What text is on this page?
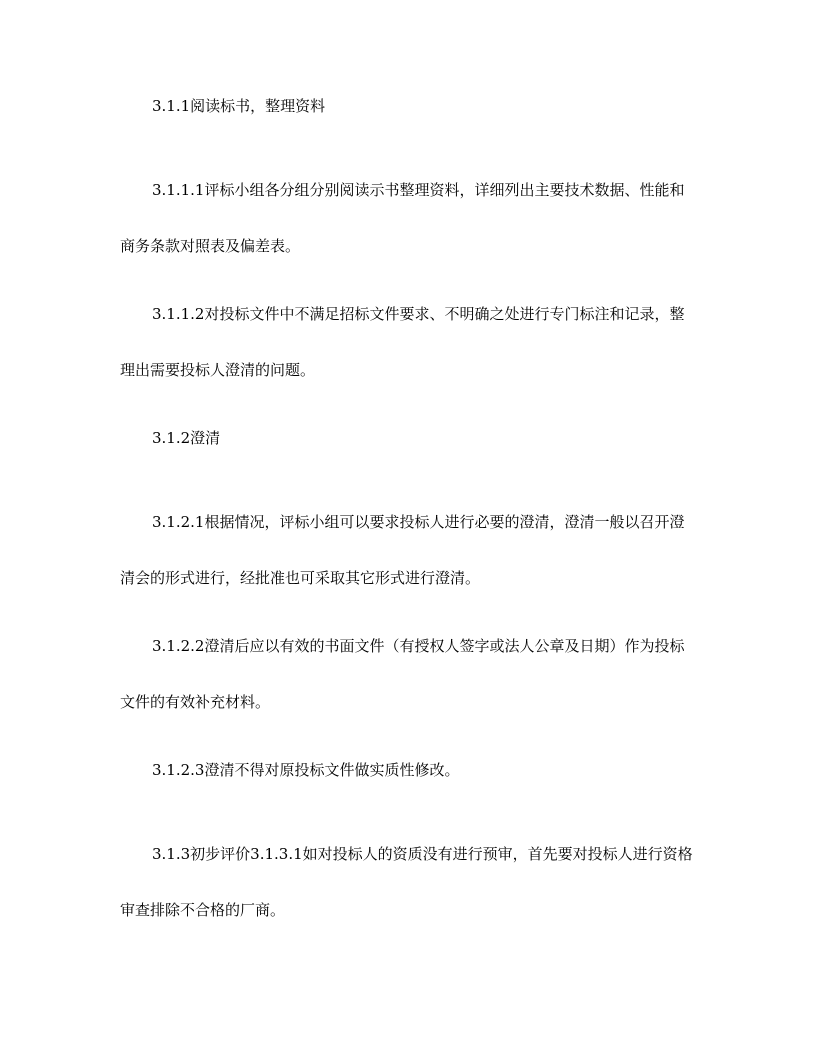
3.1.1阅读标书，整理资料

3.1.1.1评标小组各分组分别阅读示书整理资料，详细列出主要技术数据、性能和商务条款对照表及偏差表。

3.1.1.2对投标文件中不满足招标文件要求、不明确之处进行专门标注和记录，整理出需要投标人澄清的问题。

3.1.2澄清

3.1.2.1根据情况，评标小组可以要求投标人进行必要的澄清，澄清一般以召开澄清会的形式进行，经批准也可采取其它形式进行澄清。

3.1.2.2澄清后应以有效的书面文件（有授权人签字或法人公章及日期）作为投标文件的有效补充材料。

3.1.2.3澄清不得对原投标文件做实质性修改。

3.1.3初步评价3.1.3.1如对投标人的资质没有进行预审，首先要对投标人进行资格审查排除不合格的厂商。
